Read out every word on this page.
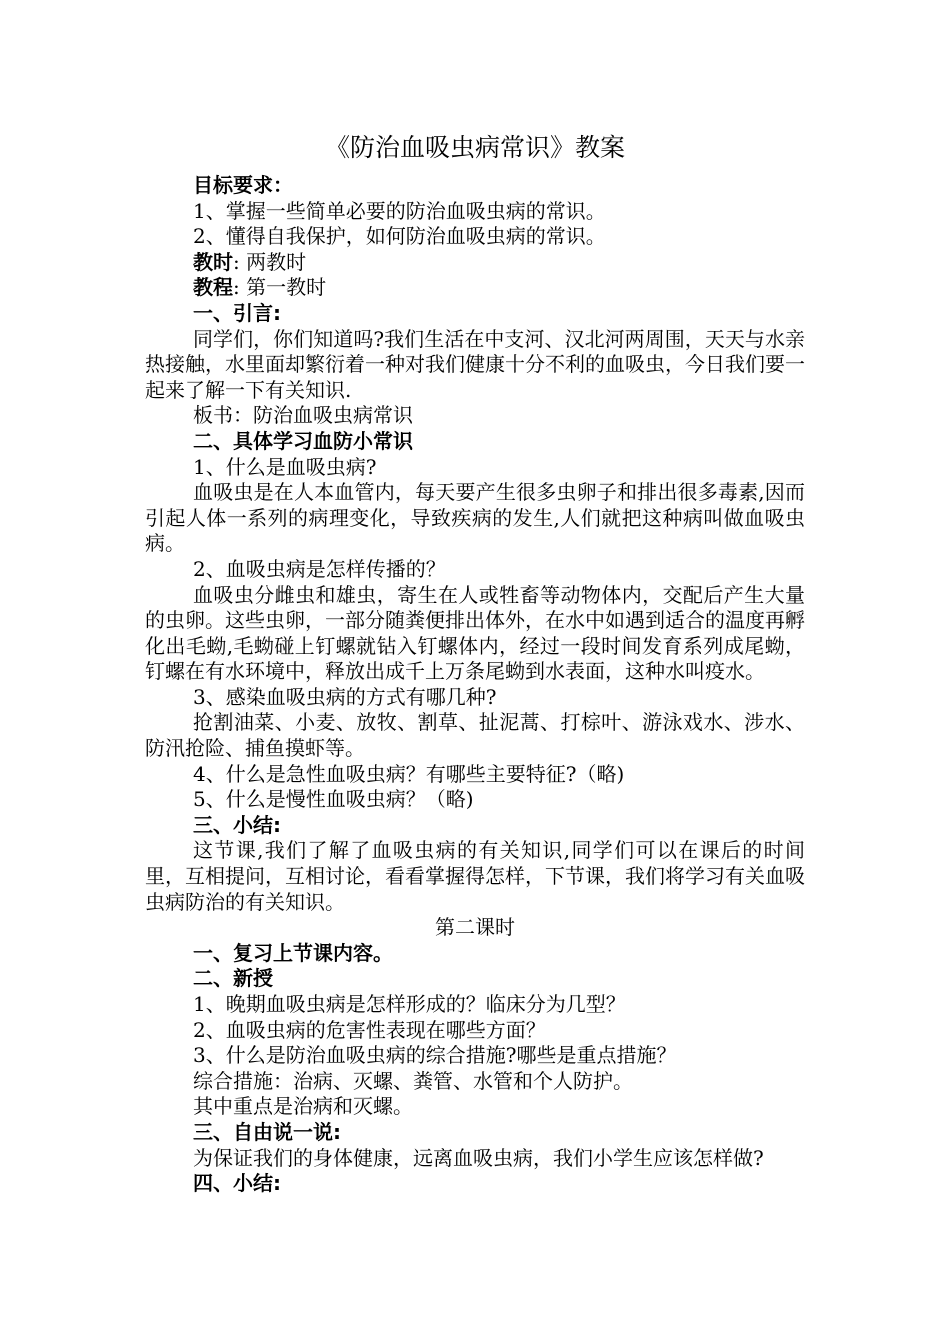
《防治血吸虫病常识》教案

目标要求：

1、掌握一些简单必要的防治血吸虫病的常识。

2、懂得自我保护，如何防治血吸虫病的常识。

教时: 两教时

教程: 第一教时

一、引言:

同学们，你们知道吗?我们生活在中支河、汉北河两周围，天天与水亲热接触，水里面却繁衍着一种对我们健康十分不利的血吸虫，今日我们要一起来了解一下有关知识.

板书：防治血吸虫病常识

二、具体学习血防小常识

1、什么是血吸虫病?

血吸虫是在人本血管内，每天要产生很多虫卵子和排出很多毒素,因而引起人体一系列的病理变化，导致疾病的发生,人们就把这种病叫做血吸虫病。

2、血吸虫病是怎样传播的？

血吸虫分雌虫和雄虫，寄生在人或牲畜等动物体内，交配后产生大量的虫卵。这些虫卵，一部分随粪便排出体外，在水中如遇到适合的温度再孵化出毛蚴,毛蚴碰上钉螺就钻入钉螺体内，经过一段时间发育系列成尾蚴，钉螺在有水环境中，释放出成千上万条尾蚴到水表面，这种水叫疫水。

3、感染血吸虫病的方式有哪几种?

抢割油菜、小麦、放牧、割草、扯泥蒿、打棕叶、游泳戏水、涉水、防汛抢险、捕鱼摸虾等。

4、什么是急性血吸虫病？有哪些主要特征?（略)

5、什么是慢性血吸虫病？（略)

三、小结:

这节课,我们了解了血吸虫病的有关知识,同学们可以在课后的时间里，互相提问，互相讨论，看看掌握得怎样，下节课，我们将学习有关血吸虫病防治的有关知识。

第二课时

一、复习上节课内容。

二、新授

1、晚期血吸虫病是怎样形成的？临床分为几型？

2、血吸虫病的危害性表现在哪些方面？

3、什么是防治血吸虫病的综合措施?哪些是重点措施？

综合措施：治病、灭螺、粪管、水管和个人防护。

其中重点是治病和灭螺。

三、自由说一说:

为保证我们的身体健康，远离血吸虫病，我们小学生应该怎样做?

四、小结:
